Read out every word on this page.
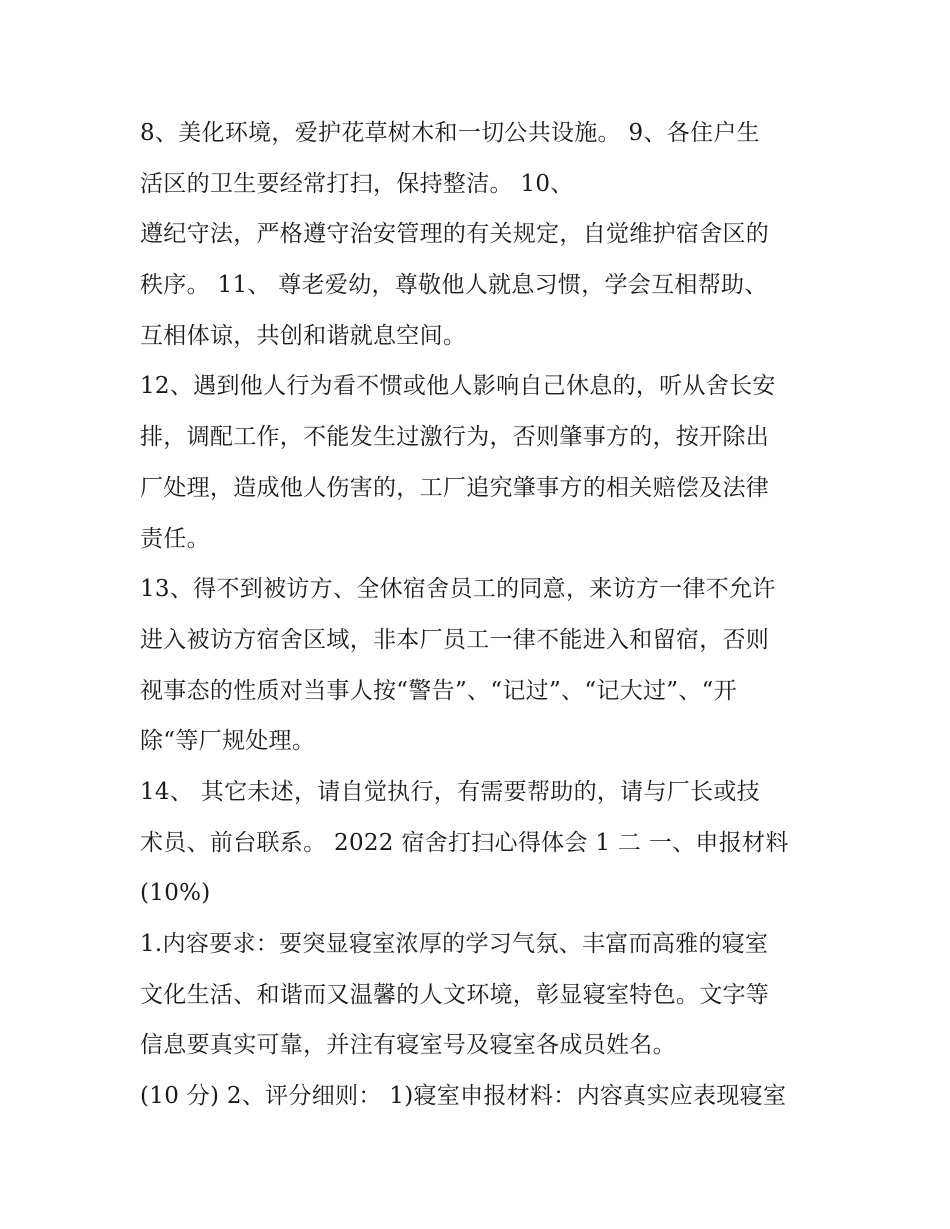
8、美化环境，爱护花草树木和一切公共设施。 9、各住户生
活区的卫生要经常打扫，保持整洁。 10、
遵纪守法，严格遵守治安管理的有关规定，自觉维护宿舍区的
秩序。 11、 尊老爱幼，尊敬他人就息习惯，学会互相帮助、
互相体谅，共创和谐就息空间。
12、遇到他人行为看不惯或他人影响自己休息的，听从舍长安
排，调配工作，不能发生过激行为，否则肇事方的，按开除出
厂处理，造成他人伤害的，工厂追究肇事方的相关赔偿及法律
责任。
13、得不到被访方、全休宿舍员工的同意，来访方一律不允许
进入被访方宿舍区域，非本厂员工一律不能进入和留宿，否则
视事态的性质对当事人按“警告”、“记过”、“记大过”、“开
除“等厂规处理。
14、 其它未述，请自觉执行，有需要帮助的，请与厂长或技
术员、前台联系。 2022 宿舍打扫心得体会 1 二 一、申报材料
(10%)
1.内容要求：要突显寝室浓厚的学习气氛、丰富而高雅的寝室
文化生活、和谐而又温馨的人文环境，彰显寝室特色。文字等
信息要真实可靠，并注有寝室号及寝室各成员姓名。
(10 分) 2、评分细则： 1)寝室申报材料：内容真实应表现寝室
